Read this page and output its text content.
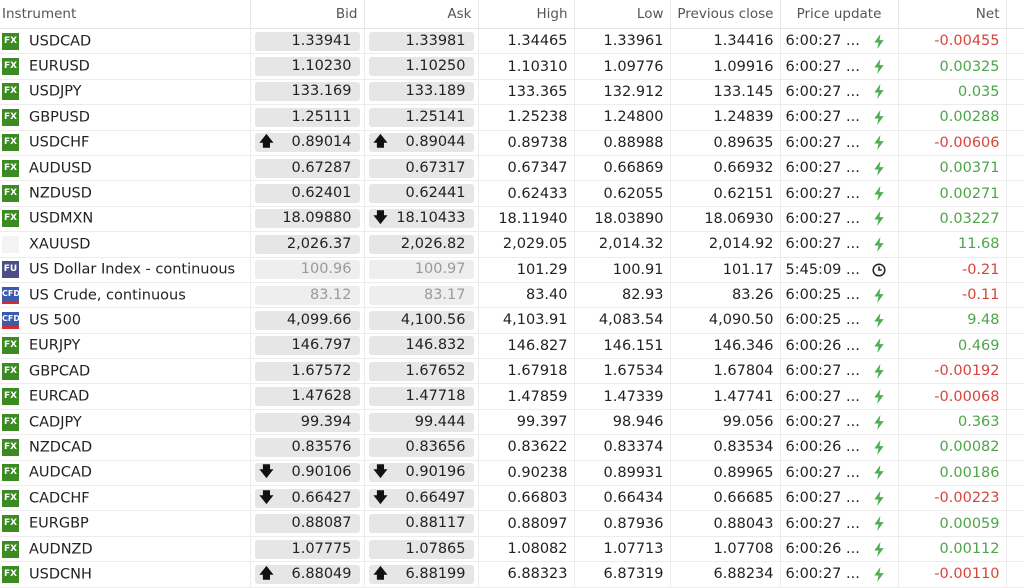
Instrument	Bid	Ask	High	Low	Previous close	Price update	Net	
FX USDCAD	1.33941	1.33981	1.34465	1.33961	1.34416	6:00:27 ...	-0.00455	
FX EURUSD	1.10230	1.10250	1.10310	1.09776	1.09916	6:00:27 ...	0.00325	
FX USDJPY	133.169	133.189	133.365	132.912	133.145	6:00:27 ...	0.035	
FX GBPUSD	1.25111	1.25141	1.25238	1.24800	1.24839	6:00:27 ...	0.00288	
FX USDCHF	🡅 0.89014	🡅 0.89044	0.89738	0.88988	0.89635	6:00:27 ...	-0.00606	
FX AUDUSD	0.67287	0.67317	0.67347	0.66869	0.66932	6:00:27 ...	0.00371	
FX NZDUSD	0.62401	0.62441	0.62433	0.62055	0.62151	6:00:27 ...	0.00271	
FX USDMXN	18.09880	🡇 18.10433	18.11940	18.03890	18.06930	6:00:27 ...	0.03227	
XAUUSD	2,026.37	2,026.82	2,029.05	2,014.32	2,014.92	6:00:27 ...	11.68	
FU US Dollar Index - continuous	100.96	100.97	101.29	100.91	101.17	5:45:09 ...	-0.21	
CFD US Crude, continuous	83.12	83.17	83.40	82.93	83.26	6:00:25 ...	-0.11	
CFD US 500	4,099.66	4,100.56	4,103.91	4,083.54	4,090.50	6:00:25 ...	9.48	
FX EURJPY	146.797	146.832	146.827	146.151	146.346	6:00:26 ...	0.469	
FX GBPCAD	1.67572	1.67652	1.67918	1.67534	1.67804	6:00:27 ...	-0.00192	
FX EURCAD	1.47628	1.47718	1.47859	1.47339	1.47741	6:00:27 ...	-0.00068	
FX CADJPY	99.394	99.444	99.397	98.946	99.056	6:00:27 ...	0.363	
FX NZDCAD	0.83576	0.83656	0.83622	0.83374	0.83534	6:00:26 ...	0.00082	
FX AUDCAD	🡇 0.90106	🡇 0.90196	0.90238	0.89931	0.89965	6:00:27 ...	0.00186	
FX CADCHF	🡇 0.66427	🡇 0.66497	0.66803	0.66434	0.66685	6:00:27 ...	-0.00223	
FX EURGBP	0.88087	0.88117	0.88097	0.87936	0.88043	6:00:27 ...	0.00059	
FX AUDNZD	1.07775	1.07865	1.08082	1.07713	1.07708	6:00:26 ...	0.00112	
FX USDCNH	🡅 6.88049	🡅 6.88199	6.88323	6.87319	6.88234	6:00:27 ...	-0.00110	
